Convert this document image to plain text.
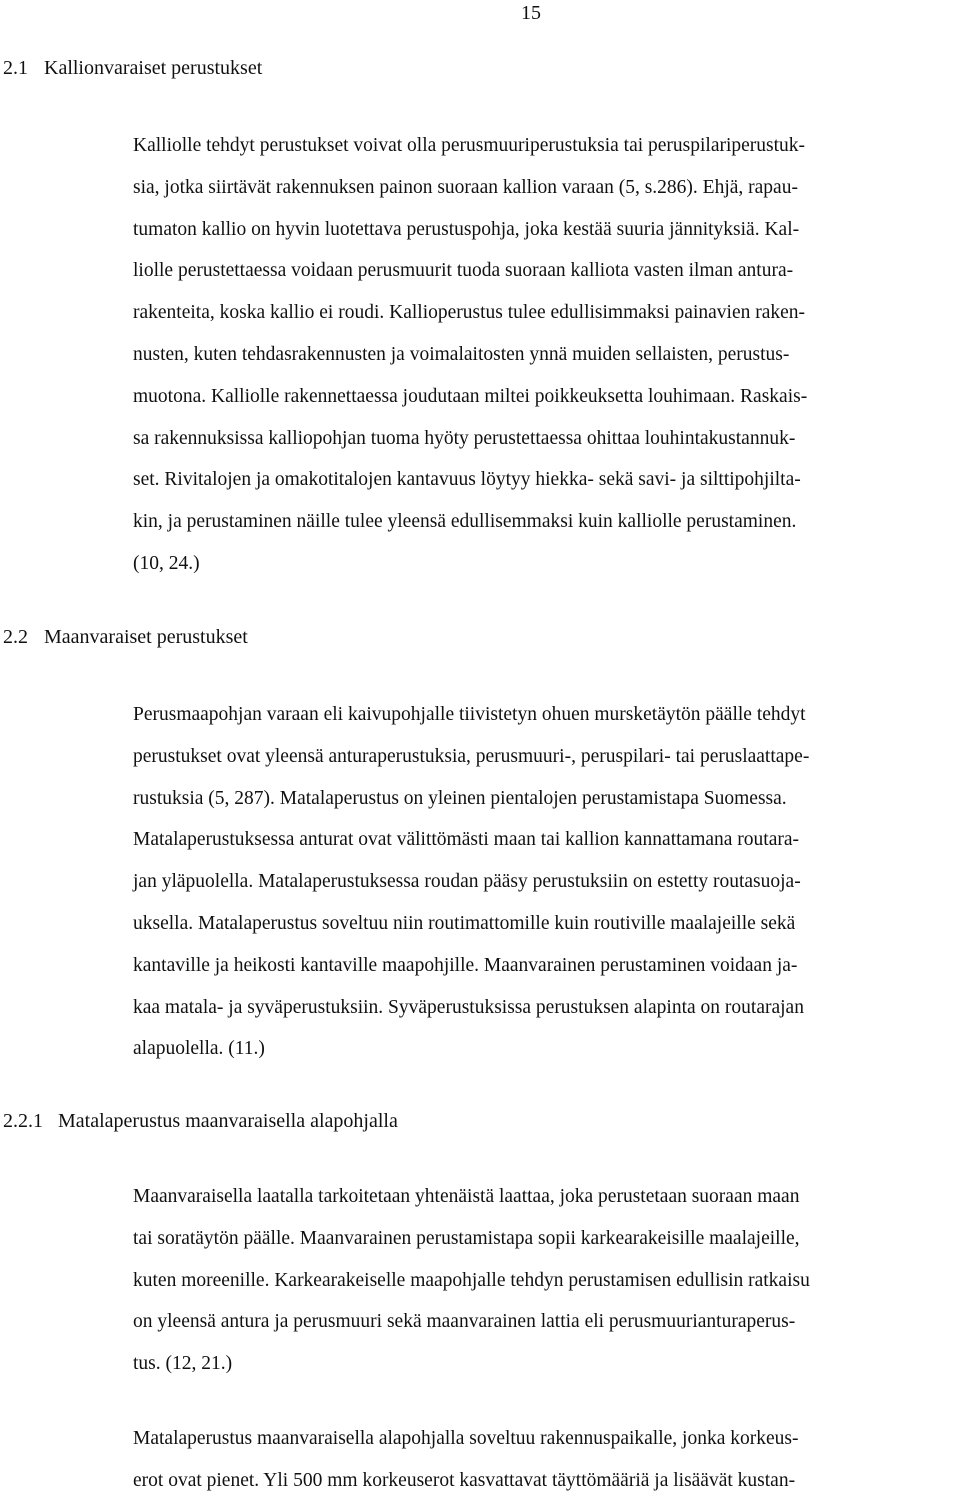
15
2.1 Kallionvaraiset perustukset
Kalliolle tehdyt perustukset voivat olla perusmuuriperustuksia tai peruspilariperustuk-
sia, jotka siirtävät rakennuksen painon suoraan kallion varaan (5, s.286). Ehjä, rapau-
tumaton kallio on hyvin luotettava perustuspohja, joka kestää suuria jännityksiä. Kal-
liolle perustettaessa voidaan perusmuurit tuoda suoraan kalliota vasten ilman antura-
rakenteita, koska kallio ei roudi. Kallioperustus tulee edullisimmaksi painavien raken-
nusten, kuten tehdasrakennusten ja voimalaitosten ynnä muiden sellaisten, perustus-
muotona. Kalliolle rakennettaessa joudutaan miltei poikkeuksetta louhimaan. Raskais-
sa rakennuksissa kalliopohjan tuoma hyöty perustettaessa ohittaa louhintakustannuk-
set. Rivitalojen ja omakotitalojen kantavuus löytyy hiekka- sekä savi- ja silttipohjilta-
kin, ja perustaminen näille tulee yleensä edullisemmaksi kuin kalliolle perustaminen.
(10, 24.)
2.2 Maanvaraiset perustukset
Perusmaapohjan varaan eli kaivupohjalle tiivistetyn ohuen mursketäytön päälle tehdyt
perustukset ovat yleensä anturaperustuksia, perusmuuri-, peruspilari- tai peruslaattape-
rustuksia (5, 287). Matalaperustus on yleinen pientalojen perustamistapa Suomessa.
Matalaperustuksessa anturat ovat välittömästi maan tai kallion kannattamana routara-
jan yläpuolella. Matalaperustuksessa roudan pääsy perustuksiin on estetty routasuoja-
uksella. Matalaperustus soveltuu niin routimattomille kuin routiville maalajeille sekä
kantaville ja heikosti kantaville maapohjille. Maanvarainen perustaminen voidaan ja-
kaa matala- ja syväperustuksiin. Syväperustuksissa perustuksen alapinta on routarajan
alapuolella. (11.)
2.2.1 Matalaperustus maanvaraisella alapohjalla
Maanvaraisella laatalla tarkoitetaan yhtenäistä laattaa, joka perustetaan suoraan maan
tai soratäytön päälle. Maanvarainen perustamistapa sopii karkearakeisille maalajeille,
kuten moreenille. Karkearakeiselle maapohjalle tehdyn perustamisen edullisin ratkaisu
on yleensä antura ja perusmuuri sekä maanvarainen lattia eli perusmuurianturaperus-
tus. (12, 21.)
Matalaperustus maanvaraisella alapohjalla soveltuu rakennuspaikalle, jonka korkeus-
erot ovat pienet. Yli 500 mm korkeuserot kasvattavat täyttömääriä ja lisäävät kustan-
